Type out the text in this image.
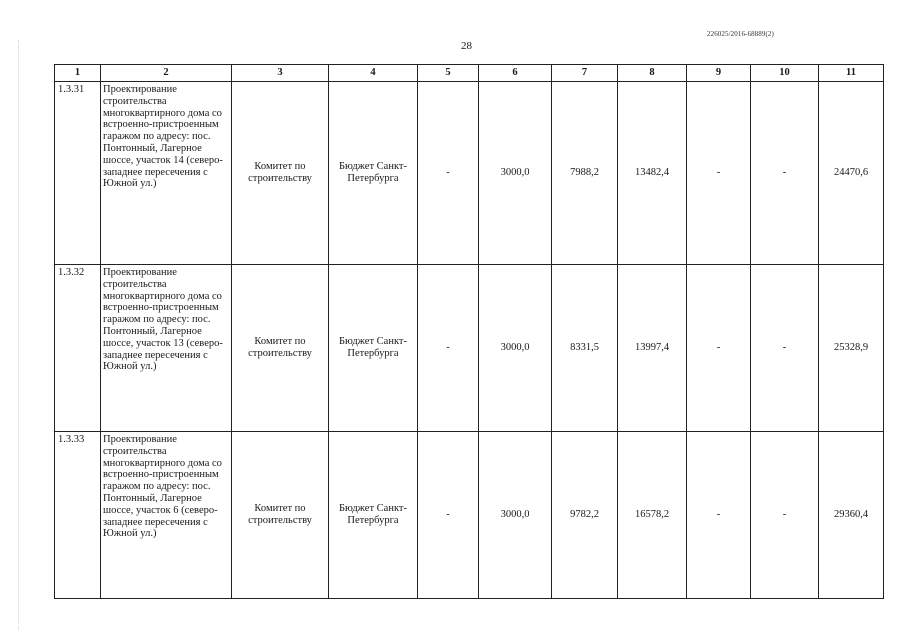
226025/2016-68889(2)
28
1	2	3	4	5	6	7	8	9	10	11
1.3.31	Проектирование строительства многоквартирного дома со встроенно-пристроенным гаражом по адресу: пос. Понтонный, Лагерное шоссе, участок 14 (северо-западнее пересечения с Южной ул.)	Комитет по строительству	Бюджет Санкт-Петербурга	-	3000,0	7988,2	13482,4	-	-	24470,6
1.3.32	Проектирование строительства многоквартирного дома со встроенно-пристроенным гаражом по адресу: пос. Понтонный, Лагерное шоссе, участок 13 (северо-западнее пересечения с Южной ул.)	Комитет по строительству	Бюджет Санкт-Петербурга	-	3000,0	8331,5	13997,4	-	-	25328,9
1.3.33	Проектирование строительства многоквартирного дома со встроенно-пристроенным гаражом по адресу: пос. Понтонный, Лагерное шоссе, участок 6 (северо-западнее пересечения с Южной ул.)	Комитет по строительству	Бюджет Санкт-Петербурга	-	3000,0	9782,2	16578,2	-	-	29360,4
